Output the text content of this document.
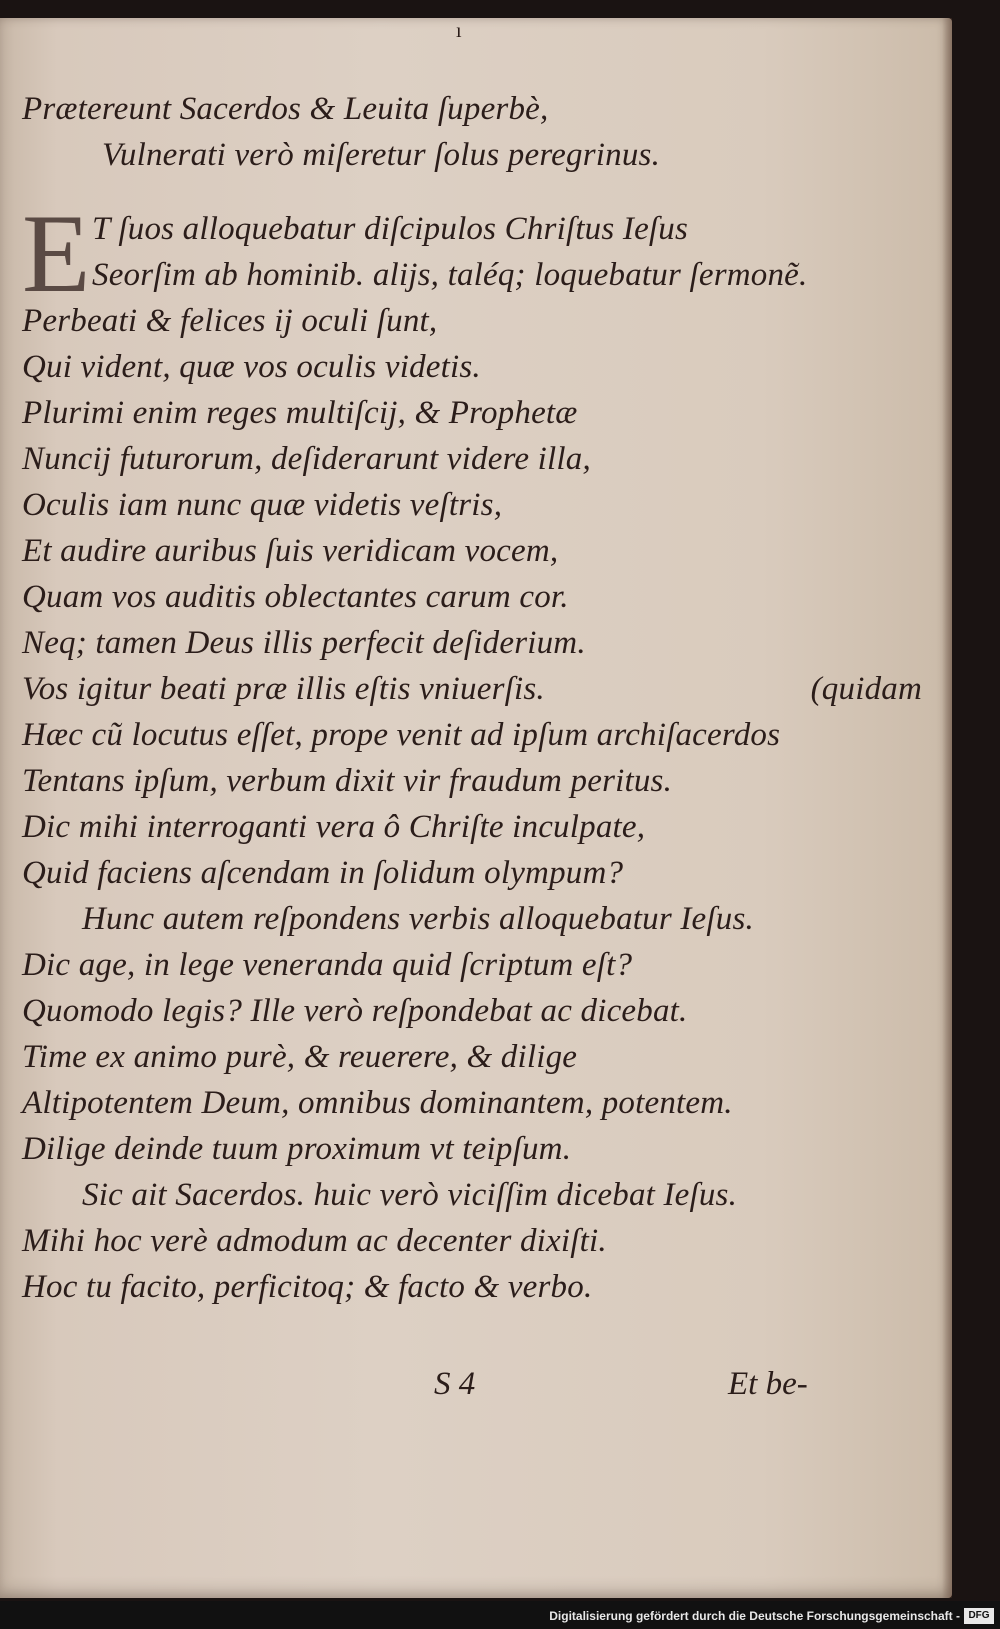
ı
Prætereunt Sacerdos & Leuita ſuperbè,
Vulnerati verò miſeretur ſolus peregrinus.
E T ſuos alloquebatur diſcipulos Chriſtus Ieſus
Seorſim ab hominib. alijs, taléq; loquebatur ſermonẽ.
Perbeati & felices ij oculi ſunt,
Qui vident, quæ vos oculis videtis.
Plurimi enim reges multiſcij, & Prophetæ
Nuncij futurorum, deſiderarunt videre illa,
Oculis iam nunc quæ videtis veſtris,
Et audire auribus ſuis veridicam vocem,
Quam vos auditis oblectantes carum cor.
Neq; tamen Deus illis perfecit deſiderium.
Vos igitur beati præ illis eſtis vniuerſis.	(quidam
Hæc cũ locutus eſſet, prope venit ad ipſum archiſacerdos
Tentans ipſum, verbum dixit vir fraudum peritus.
Dic mihi interroganti vera ô Chriſte inculpate,
Quid faciens aſcendam in ſolidum olympum?
Hunc autem reſpondens verbis alloquebatur Ieſus.
Dic age, in lege veneranda quid ſcriptum eſt?
Quomodo legis? Ille verò reſpondebat ac dicebat.
Time ex animo purè, & reuerere, & dilige
Altipotentem Deum, omnibus dominantem, potentem.
Dilige deinde tuum proximum vt teipſum.
Sic ait Sacerdos. huic verò viciſſim dicebat Ieſus.
Mihi hoc verè admodum ac decenter dixiſti.
Hoc tu facito, perficitoq; & facto & verbo.
S 4	Et be-
Digitalisierung gefördert durch die Deutsche Forschungsgemeinschaft - DFG
